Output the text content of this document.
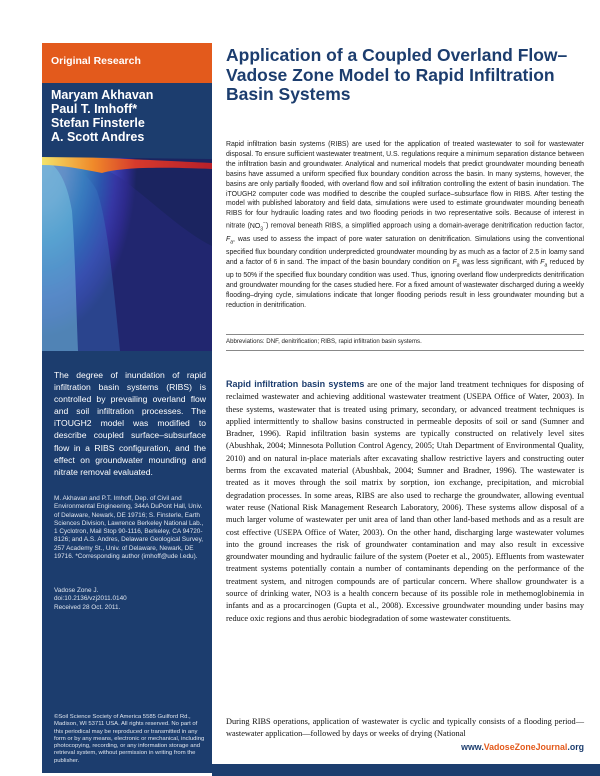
Original Research
Maryam Akhavan
Paul T. Imhoff*
Stefan Finsterle
A. Scott Andres
The degree of inundation of rapid infiltration basin systems (RIBS) is controlled by prevailing overland flow and soil infiltration processes. The iTOUGH2 model was modified to describe coupled surface–subsurface flow in a RIBS configuration, and the effect on groundwater mounding and nitrate removal evaluated.
M. Akhavan and P.T. Imhoff, Dep. of Civil and Environmental Engineering, 344A DuPont Hall, Univ. of Delaware, Newark, DE 19716; S. Finsterle, Earth Sciences Division, Lawrence Berkeley National Lab., 1 Cyclotron, Mail Stop 90-1116, Berkeley, CA 94720-8126; and A.S. Andres, Delaware Geological Survey, 257 Academy St., Univ. of Delaware, Newark, DE 19716. *Corresponding author (imhoff@ude l.edu).
Vadose Zone J.
doi:10.2136/vzj2011.0140
Received 28 Oct. 2011.
©Soil Science Society of America 5585 Guilford Rd., Madison, WI 53711 USA. All rights reserved. No part of this periodical may be reproduced or transmitted in any form or by any means, electronic or mechanical, including photocopying, recording, or any information storage and retrieval system, without permission in writing from the publisher.
Application of a Coupled Overland Flow–Vadose Zone Model to Rapid Infiltration Basin Systems
Rapid infiltration basin systems (RIBS) are used for the application of treated wastewater to soil for wastewater disposal. To ensure sufficient wastewater treatment, U.S. regulations require a minimum separation distance between the infiltration basin and groundwater. Analytical and numerical models that predict groundwater mounding beneath basins have assumed a uniform specified flux boundary condition across the basin. In many systems, however, the basins are only partially flooded, with overland flow and soil infiltration controlling the extent of basin inundation. The iTOUGH2 computer code was modified to describe the coupled surface–subsurface flow in RIBS. After testing the model with published laboratory and field data, simulations were used to estimate groundwater mounding beneath RIBS for four hydraulic loading rates and two flooding periods in two representative soils. Because of interest in nitrate $(NO_3^-)$ removal beneath RIBS, a simplified approach using a domain-average denitrification reduction factor, $F_a$, was used to assess the impact of pore water saturation on denitrification. Simulations using the conventional specified flux boundary condition underpredicted groundwater mounding by as much as a factor of 2.5 in loamy sand and a factor of 6 in sand. The impact of the basin boundary condition on $F_a$ was less significant, with $F_a$ reduced by up to 50% if the specified flux boundary condition was used. Thus, ignoring overland flow underpredicts denitrification and groundwater mounding for the cases studied here. For a fixed amount of wastewater discharged during a weekly flooding–drying cycle, simulations indicate that longer flooding periods result in less groundwater mounding but a reduction in denitrification.
Abbreviations: DNF, denitrification; RIBS, rapid infiltration basin systems.
Rapid infiltration basin systems are one of the major land treatment techniques for disposing of reclaimed wastewater and achieving additional wastewater treatment (USEPA Office of Water, 2003). In these systems, wastewater that is treated using primary, secondary, or advanced treatment techniques is applied intermittently to shallow basins constructed in permeable deposits of soil or sand (Sumner and Bradner, 1996). Rapid infiltration basin systems are typically constructed on relatively level sites (Abushhak, 2004; Minnesota Pollution Control Agency, 2005; Utah Department of Environmental Quality, 2010) and on natural in-place materials after excavating shallow restrictive layers and constructing outer berms from the excavated material (Abushbak, 2004; Sumner and Bradner, 1996). The wastewater is treated as it moves through the soil matrix by sorption, ion exchange, precipitation, and microbial degradation processes. In some areas, RIBS are also used to recharge the groundwater, allowing eventual water reuse (National Risk Management Research Laboratory, 2006). These systems allow disposal of a much larger volume of wastewater per unit area of land than other land-based methods and as a result are cost effective (USEPA Office of Water, 2003). On the other hand, discharging large wastewater volumes into the ground increases the risk of groundwater contamination and may also result in excessive groundwater mounding and hydraulic failure of the system (Poeter et al., 2005). Effluents from wastewater treatment systems potentially contain a number of contaminants depending on the performance of the treatment system, and nitrogen compounds are of particular concern. Where shallow groundwater is a source of drinking water, NO3 is a health concern because of its possible role in methemoglobinemia in infants and as a procarcinogen (Gupta et al., 2008). Excessive groundwater mounding under basins may reduce oxic regions and thus aerobic biodegradation of some wastewater constituents.
During RIBS operations, application of wastewater is cyclic and typically consists of a flooding period—wastewater application—followed by days or weeks of drying (National
www.VadoseZoneJournal.org
